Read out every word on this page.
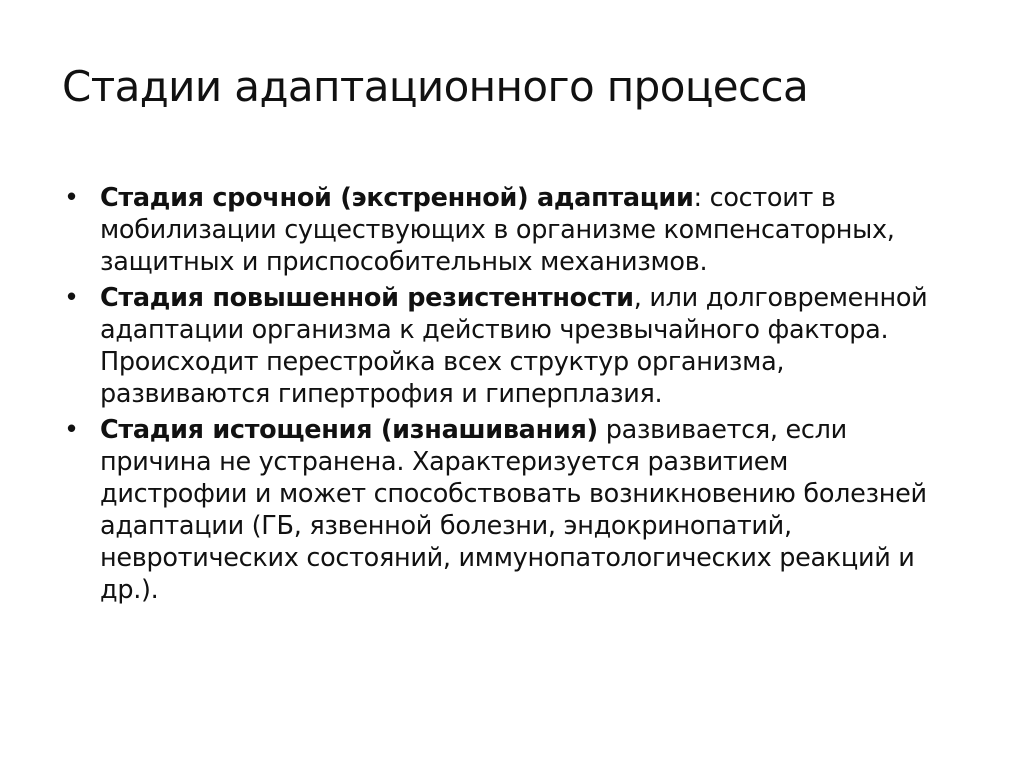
Стадии адаптационного процесса
• Стадия срочной (экстренной) адаптации: состоит в мобилизации существующих в организме компенсаторных, защитных и приспособительных механизмов.
• Стадия повышенной резистентности, или долговременной адаптации организма к действию чрезвычайного фактора. Происходит перестройка всех структур организма, развиваются гипертрофия и гиперплазия.
• Стадия истощения (изнашивания) развивается, если причина не устранена. Характеризуется развитием дистрофии и может способствовать возникновению болезней адаптации (ГБ, язвенной болезни, эндокринопатий, невротических состояний, иммунопатологических реакций и др.).
